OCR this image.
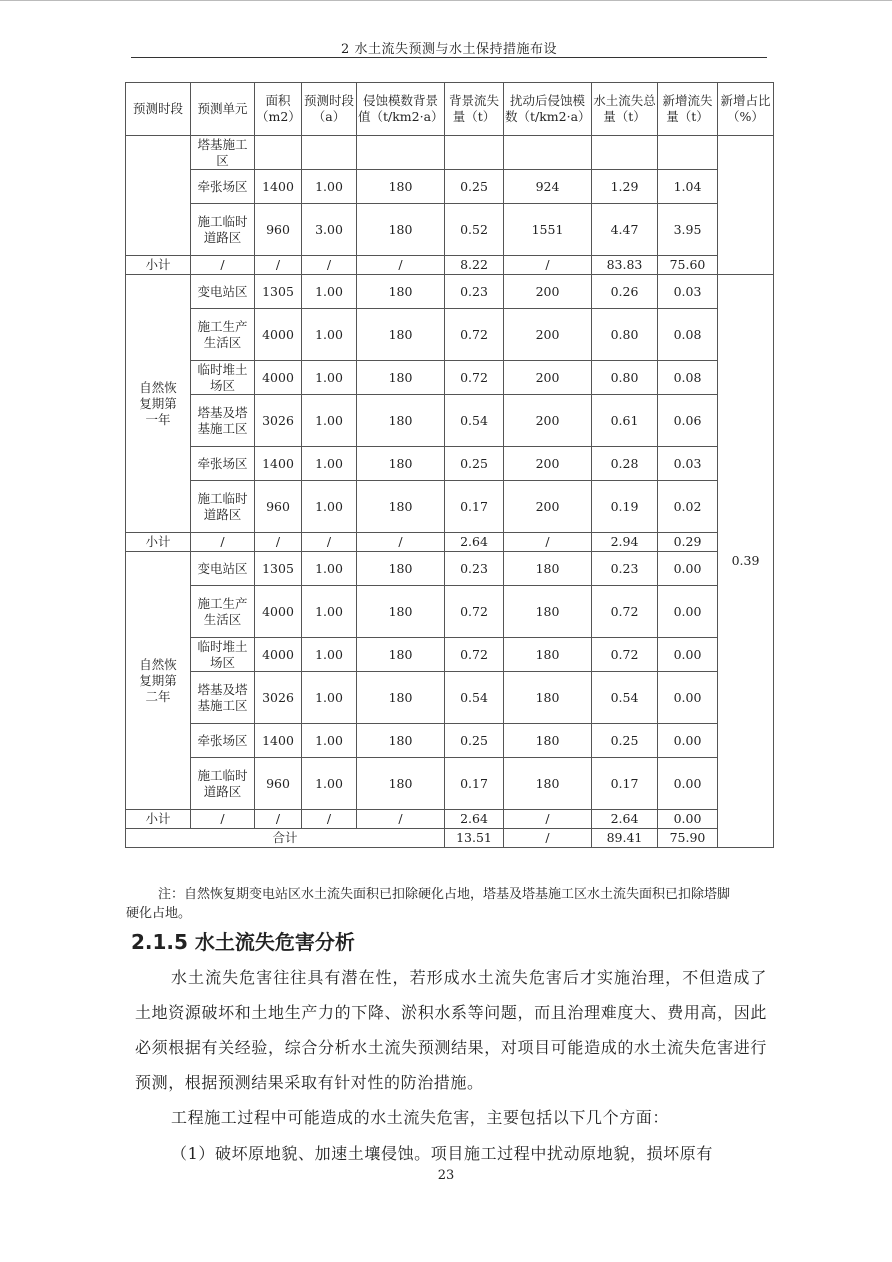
2 水土流失预测与水土保持措施布设
预测时段	预测单元	面积（m2）	预测时段（a）	侵蚀模数背景值（t/km2·a）	背景流失量（t）	扰动后侵蚀模数（t/km2·a）	水土流失总量（t）	新增流失量（t）	新增占比（%）	
	塔基施工区									
	牵张场区	1400	1.00	180	0.25	924	1.29	1.04		
	施工临时道路区	960	3.00	180	0.52	1551	4.47	3.95		
小计	/	/	/	/	8.22	/	83.83	75.60		
自然恢复期第一年	变电站区	1305	1.00	180	0.23	200	0.26	0.03	0.39	
	施工生产生活区	4000	1.00	180	0.72	200	0.80	0.08		
	临时堆土场区	4000	1.00	180	0.72	200	0.80	0.08		
	塔基及塔基施工区	3026	1.00	180	0.54	200	0.61	0.06		
	牵张场区	1400	1.00	180	0.25	200	0.28	0.03		
	施工临时道路区	960	1.00	180	0.17	200	0.19	0.02		
小计	/	/	/	/	2.64	/	2.94	0.29		
自然恢复期第二年	变电站区	1305	1.00	180	0.23	180	0.23	0.00		
	施工生产生活区	4000	1.00	180	0.72	180	0.72	0.00		
	临时堆土场区	4000	1.00	180	0.72	180	0.72	0.00		
	塔基及塔基施工区	3026	1.00	180	0.54	180	0.54	0.00		
	牵张场区	1400	1.00	180	0.25	180	0.25	0.00		
	施工临时道路区	960	1.00	180	0.17	180	0.17	0.00		
小计	/	/	/	/	2.64	/	2.64	0.00		
合计					13.51	/	89.41	75.90	
注：自然恢复期变电站区水土流失面积已扣除硬化占地，塔基及塔基施工区水土流失面积已扣除塔脚硬化占地。
2.1.5 水土流失危害分析

水土流失危害往往具有潜在性，若形成水土流失危害后才实施治理，不但造成了土地资源破坏和土地生产力的下降、淤积水系等问题，而且治理难度大、费用高，因此必须根据有关经验，综合分析水土流失预测结果，对项目可能造成的水土流失危害进行预测，根据预测结果采取有针对性的防治措施。

工程施工过程中可能造成的水土流失危害，主要包括以下几个方面：

（1）破坏原地貌、加速土壤侵蚀。项目施工过程中扰动原地貌，损坏原有

23
